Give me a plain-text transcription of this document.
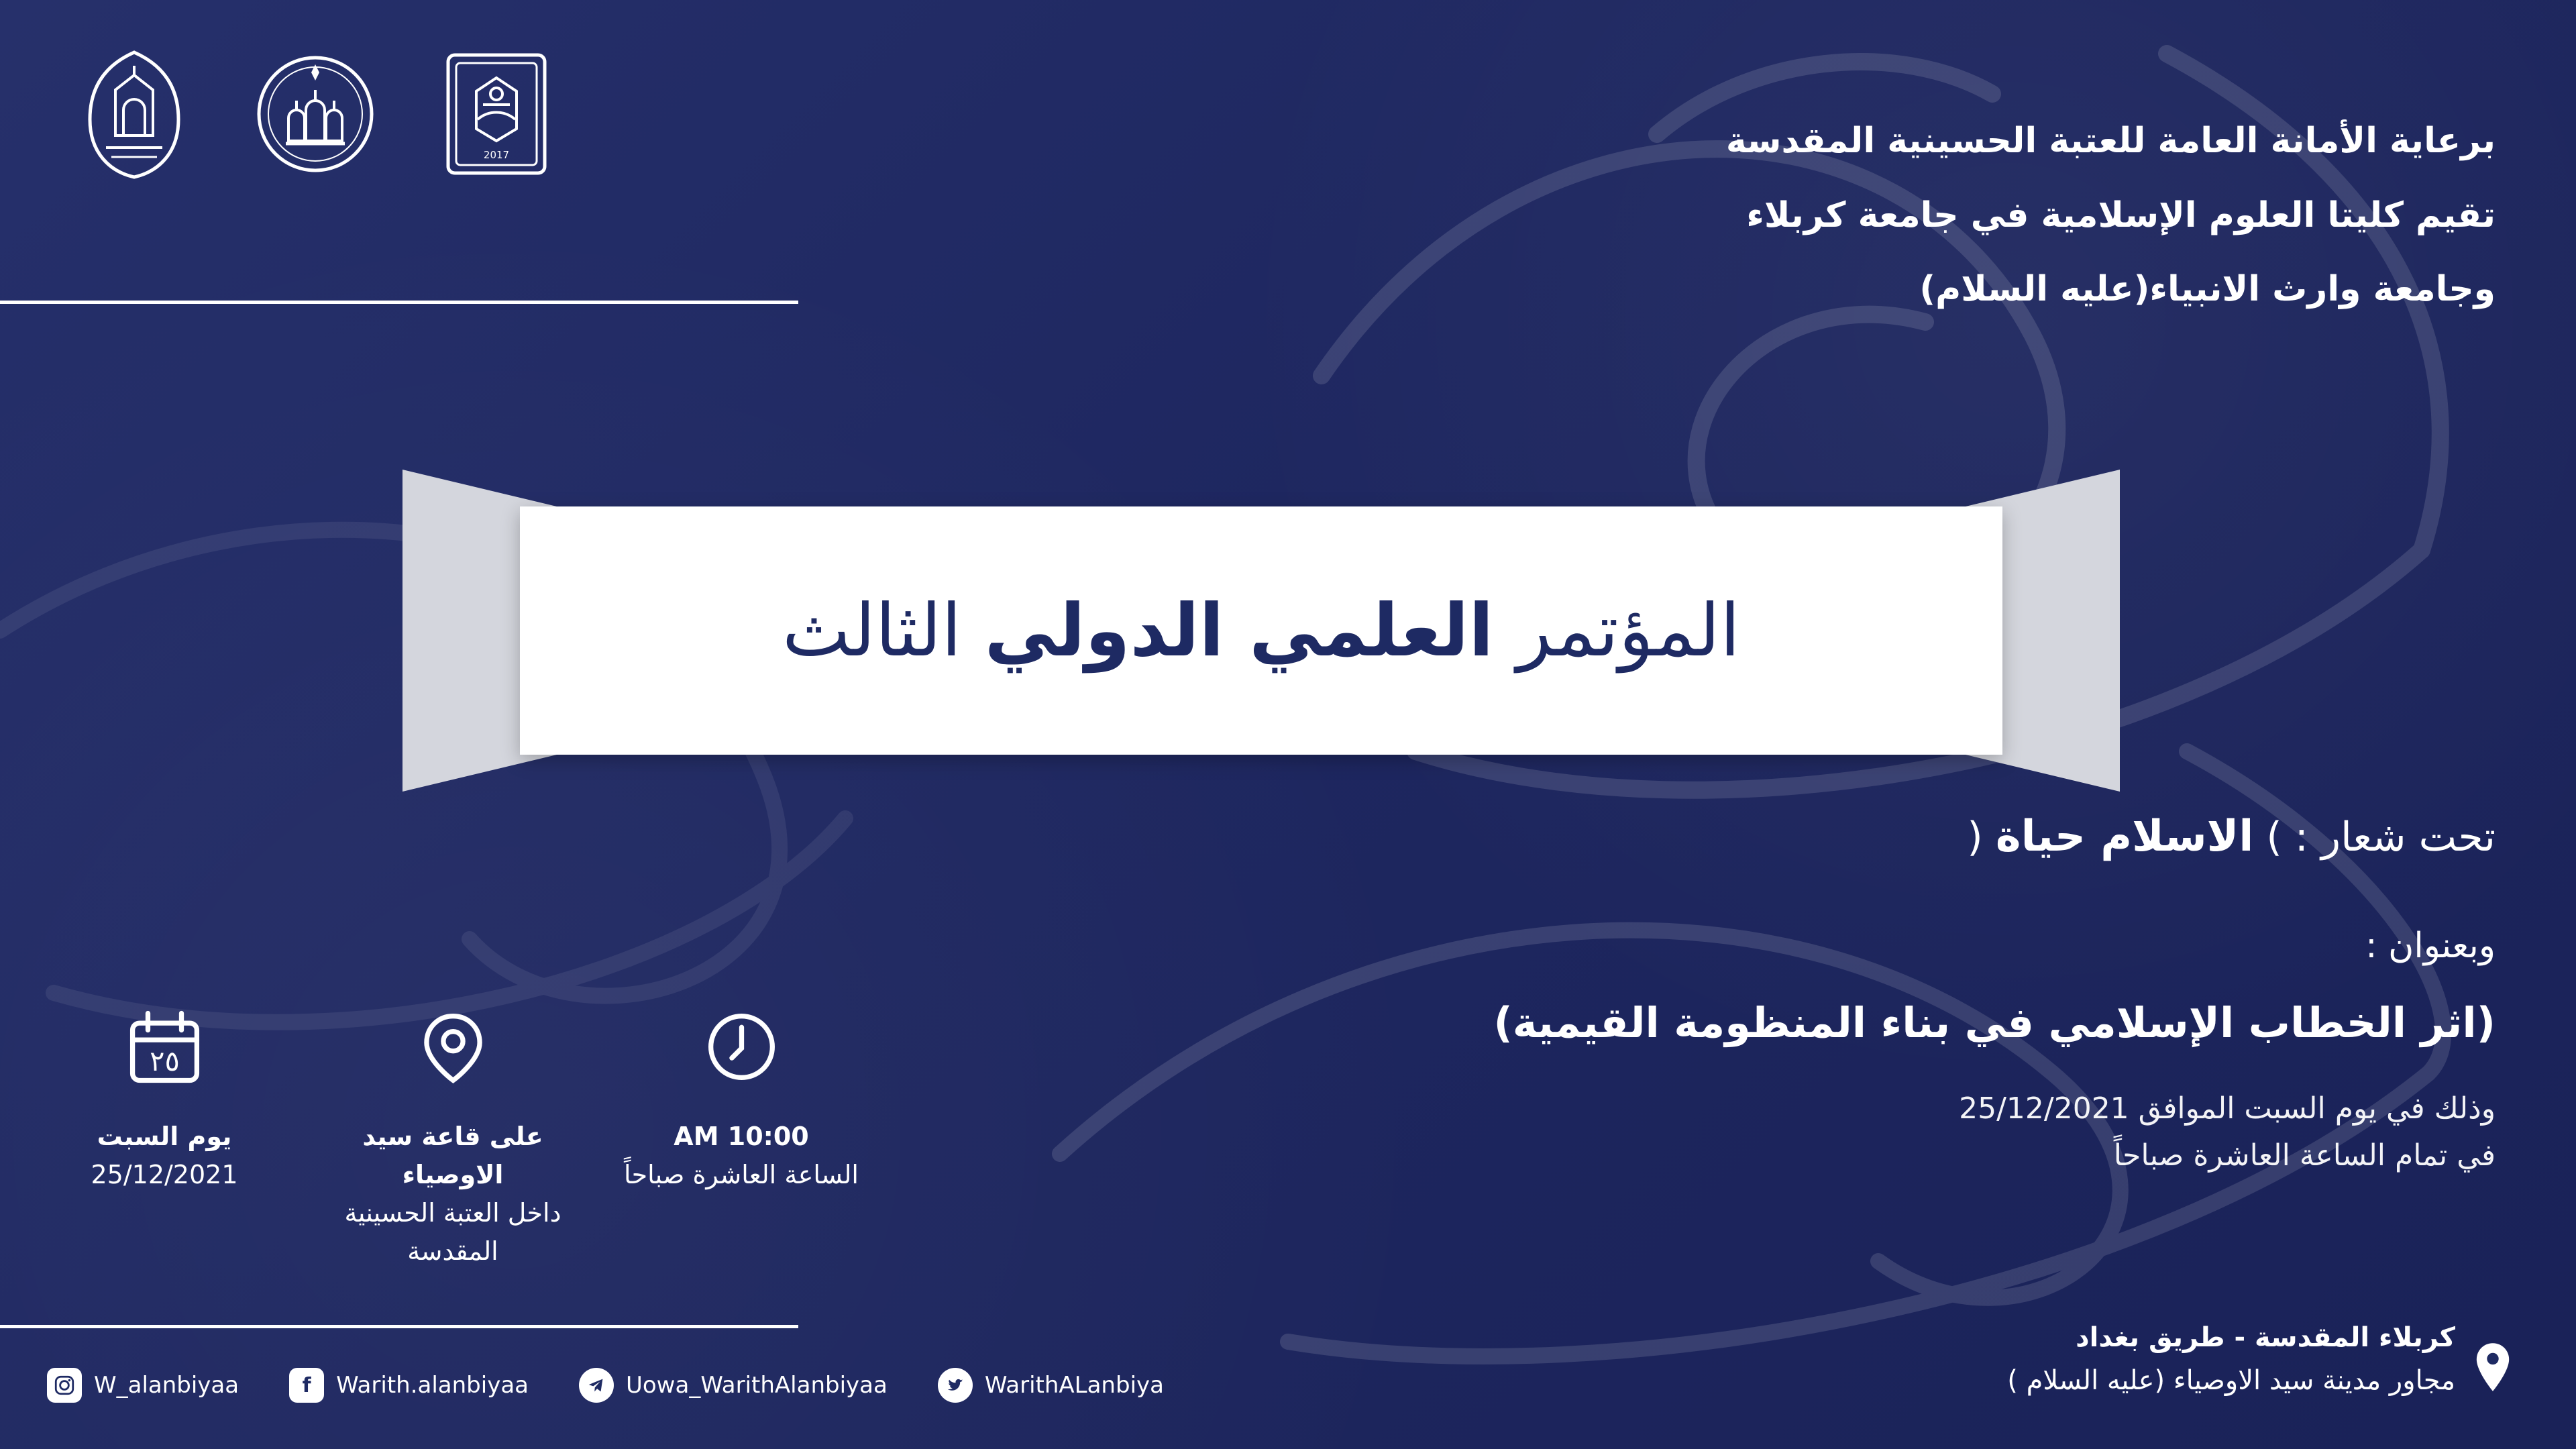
2017	برعاية الأمانة العامة للعتبة الحسينية المقدسة
تقيم كليتا العلوم الإسلامية في جامعة كربلاء
وجامعة وارث الانبياء(عليه السلام)
المؤتمر العلمي الدولي الثالث
تحت شعار : ) الاسلام حياة (
وبعنوان :
(اثر الخطاب الإسلامي في بناء المنظومة القيمية)
وذلك في يوم السبت الموافق 25/12/2021
في تمام الساعة العاشرة صباحاً
٢٥
يوم السبت
25/12/2021
على قاعة سيد الاوصياء
داخل العتبة الحسينية
المقدسة
10:00 AM
الساعة العاشرة صباحاً
W_alanbiyaa	f	Warith.alanbiyaa	Uowa_WarithAlanbiyaa	WarithALanbiya
كربلاء المقدسة - طريق بغداد
مجاور مدينة سيد الاوصياء (عليه السلام )
